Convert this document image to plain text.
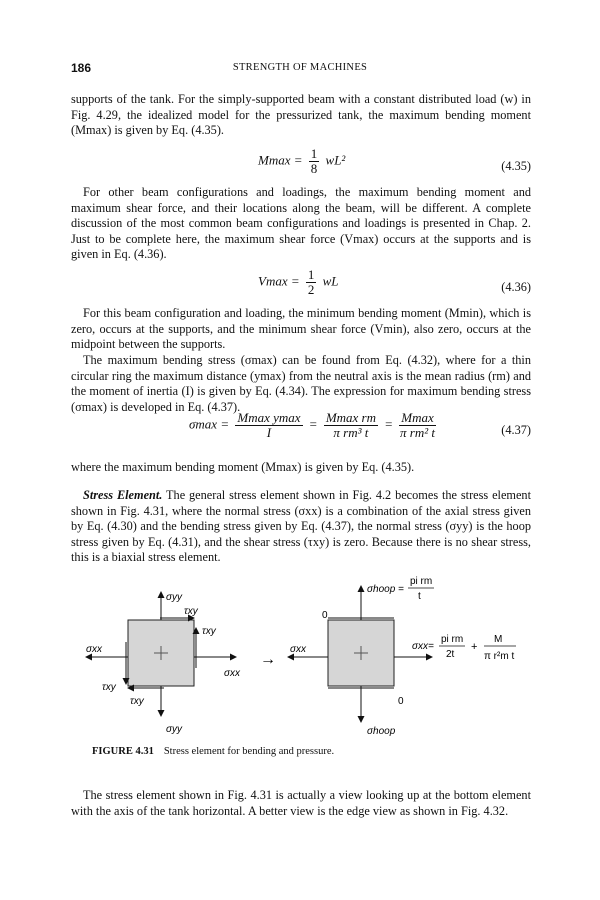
186	STRENGTH OF MACHINES
supports of the tank. For the simply-supported beam with a constant distributed load (w) in Fig. 4.29, the idealized model for the pressurized tank, the maximum bending moment (Mmax) is given by Eq. (4.35).
$Mmax = \frac{1}{8} wL^2$	(4.35)
For other beam configurations and loadings, the maximum bending moment and maximum shear force, and their locations along the beam, will be different. A complete discussion of the most common beam configurations and loadings is presented in Chap. 2. Just to be complete here, the maximum shear force (Vmax) occurs at the supports and is given in Eq. (4.36).
$Vmax = \frac{1}{2}$ wL	(4.36)
For this beam configuration and loading, the minimum bending moment (Mmin), which is zero, occurs at the supports, and the minimum shear force (Vmin), also zero, occurs at the midpoint between the supports.
The maximum bending stress (σmax) can be found from Eq. (4.32), where for a thin circular ring the maximum distance (ymax) from the neutral axis is the mean radius (rm) and the moment of inertia (I) is given by Eq. (4.34). The expression for maximum bending stress (σmax) is developed in Eq. (4.37).
$\sigma\max = \frac{\text{Mmax ymax}}{I} = \frac{\text{Mmax rm}}{\text{π rm³ t}} = \frac{Mmax}{\text{π rm² t}}$	(4.37)
where the maximum bending moment (Mmax) is given by Eq. (4.35).
Stress Element. The general stress element shown in Fig. 4.2 becomes the stress element shown in Fig. 4.31, where the normal stress (σxx) is a combination of the axial stress given by Eq. (4.30) and the bending stress given by Eq. (4.37), the normal stress (σyy) is the hoop stress given by Eq. (4.31), and the shear stress (τxy) is zero. Because there is no shear stress, this is a biaxial stress element.
σyy
σyy
σxx
σxx
τxy
τxy
τxy
τxy
→
σhoop =
pi rm
t
0
0
σxx	σxx=
pi rm
2t
+
M
π r²m t
σhoop
FIGURE 4.31 Stress element for bending and pressure.
The stress element shown in Fig. 4.31 is actually a view looking up at the bottom element with the axis of the tank horizontal. A better view is the edge view as shown in Fig. 4.32.
